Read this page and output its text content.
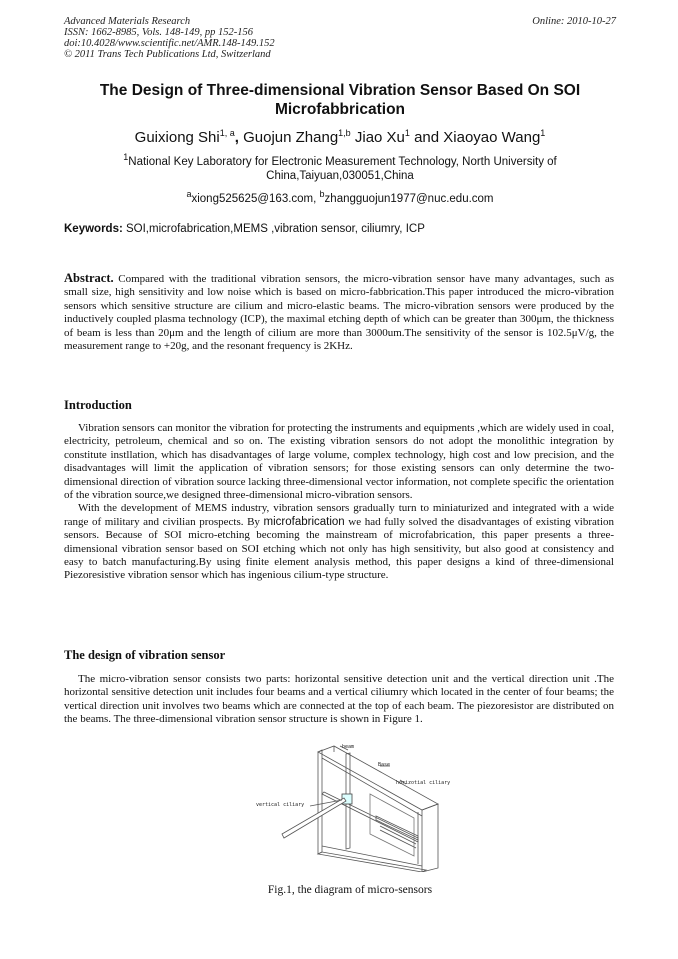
Advanced Materials Research
ISSN: 1662-8985, Vols. 148-149, pp 152-156
doi:10.4028/www.scientific.net/AMR.148-149.152
© 2011 Trans Tech Publications Ltd, Switzerland
Online: 2010-10-27
The Design of Three-dimensional Vibration Sensor Based On SOI Microfabbrication
Guixiong Shi$^{1, a}$, Guojun Zhang$^{1,b}$ Jiao Xu$^1$ and Xiaoyao Wang$^1$
$^1$National Key Laboratory for Electronic Measurement Technology, North University of China,Taiyuan,030051,China
$^a$xiong525625@163.com, $^b$zhangguojun1977@nuc.edu.com
Keywords: SOI,microfabrication,MEMS ,vibration sensor, ciliumry, ICP

Abstract. Compared with the traditional vibration sensors, the micro-vibration sensor have many advantages, such as small size, high sensitivity and low noise which is based on micro-fabbrication.This paper introduced the micro-vibration sensors which sensitive structure are cilium and micro-elastic beams. The micro-vibration sensors were produced by the inductively coupled plasma technology (ICP), the maximal etching depth of which can be greater than 300μm, the thickness of beam is less than 20μm and the length of cilium are more than 3000um.The sensitivity of the sensor is 102.5μV/g, the measurement range to +20g, and the resonant frequency is 2KHz.

Introduction

Vibration sensors can monitor the vibration for protecting the instruments and equipments ,which are widely used in coal, electricity, petroleum, chemical and so on. The existing vibration sensors do not adopt the monolithic integration by constitute instllation, which has disadvantages of large volume, complex technology, high cost and low precision, and the disadvantages will limit the application of vibration sensors; for those existing sensors can only determine the two-dimensional direction of vibration source lacking three-dimensional vector information, not complete specific the orientation of the vibration source,we designed three-dimensional micro-vibration sensors.

With the development of MEMS industry, vibration sensors gradually turn to miniaturized and integrated with a wide range of military and civilian prospects. By microfabrication we had fully solved the disadvantages of existing vibration sensors. Because of SOI micro-etching becoming the mainstream of microfabrication, this paper presents a three-dimensional vibration sensor based on SOI etching which not only has high sensitivity, but also good at consistency and easy to batch manufacturing.By using finite element analysis method, this paper designs a kind of three-dimensional Piezoresistive vibration sensor which has ingenious cilium-type structure.

The design of vibration sensor

The micro-vibration sensor consists two parts: horizontal sensitive detection unit and the vertical direction unit .The horizontal sensitive detection unit includes four beams and a vertical ciliumry which located in the center of four beams; the vertical direction unit involves two beams which are connected at the top of each beam. The piezoresistor are distributed on the beams. The three-dimensional vibration sensor structure is shown in Figure 1.

beam
Base
horizotial ciliary
vertical ciliary
Fig.1, the diagram of micro-sensors
